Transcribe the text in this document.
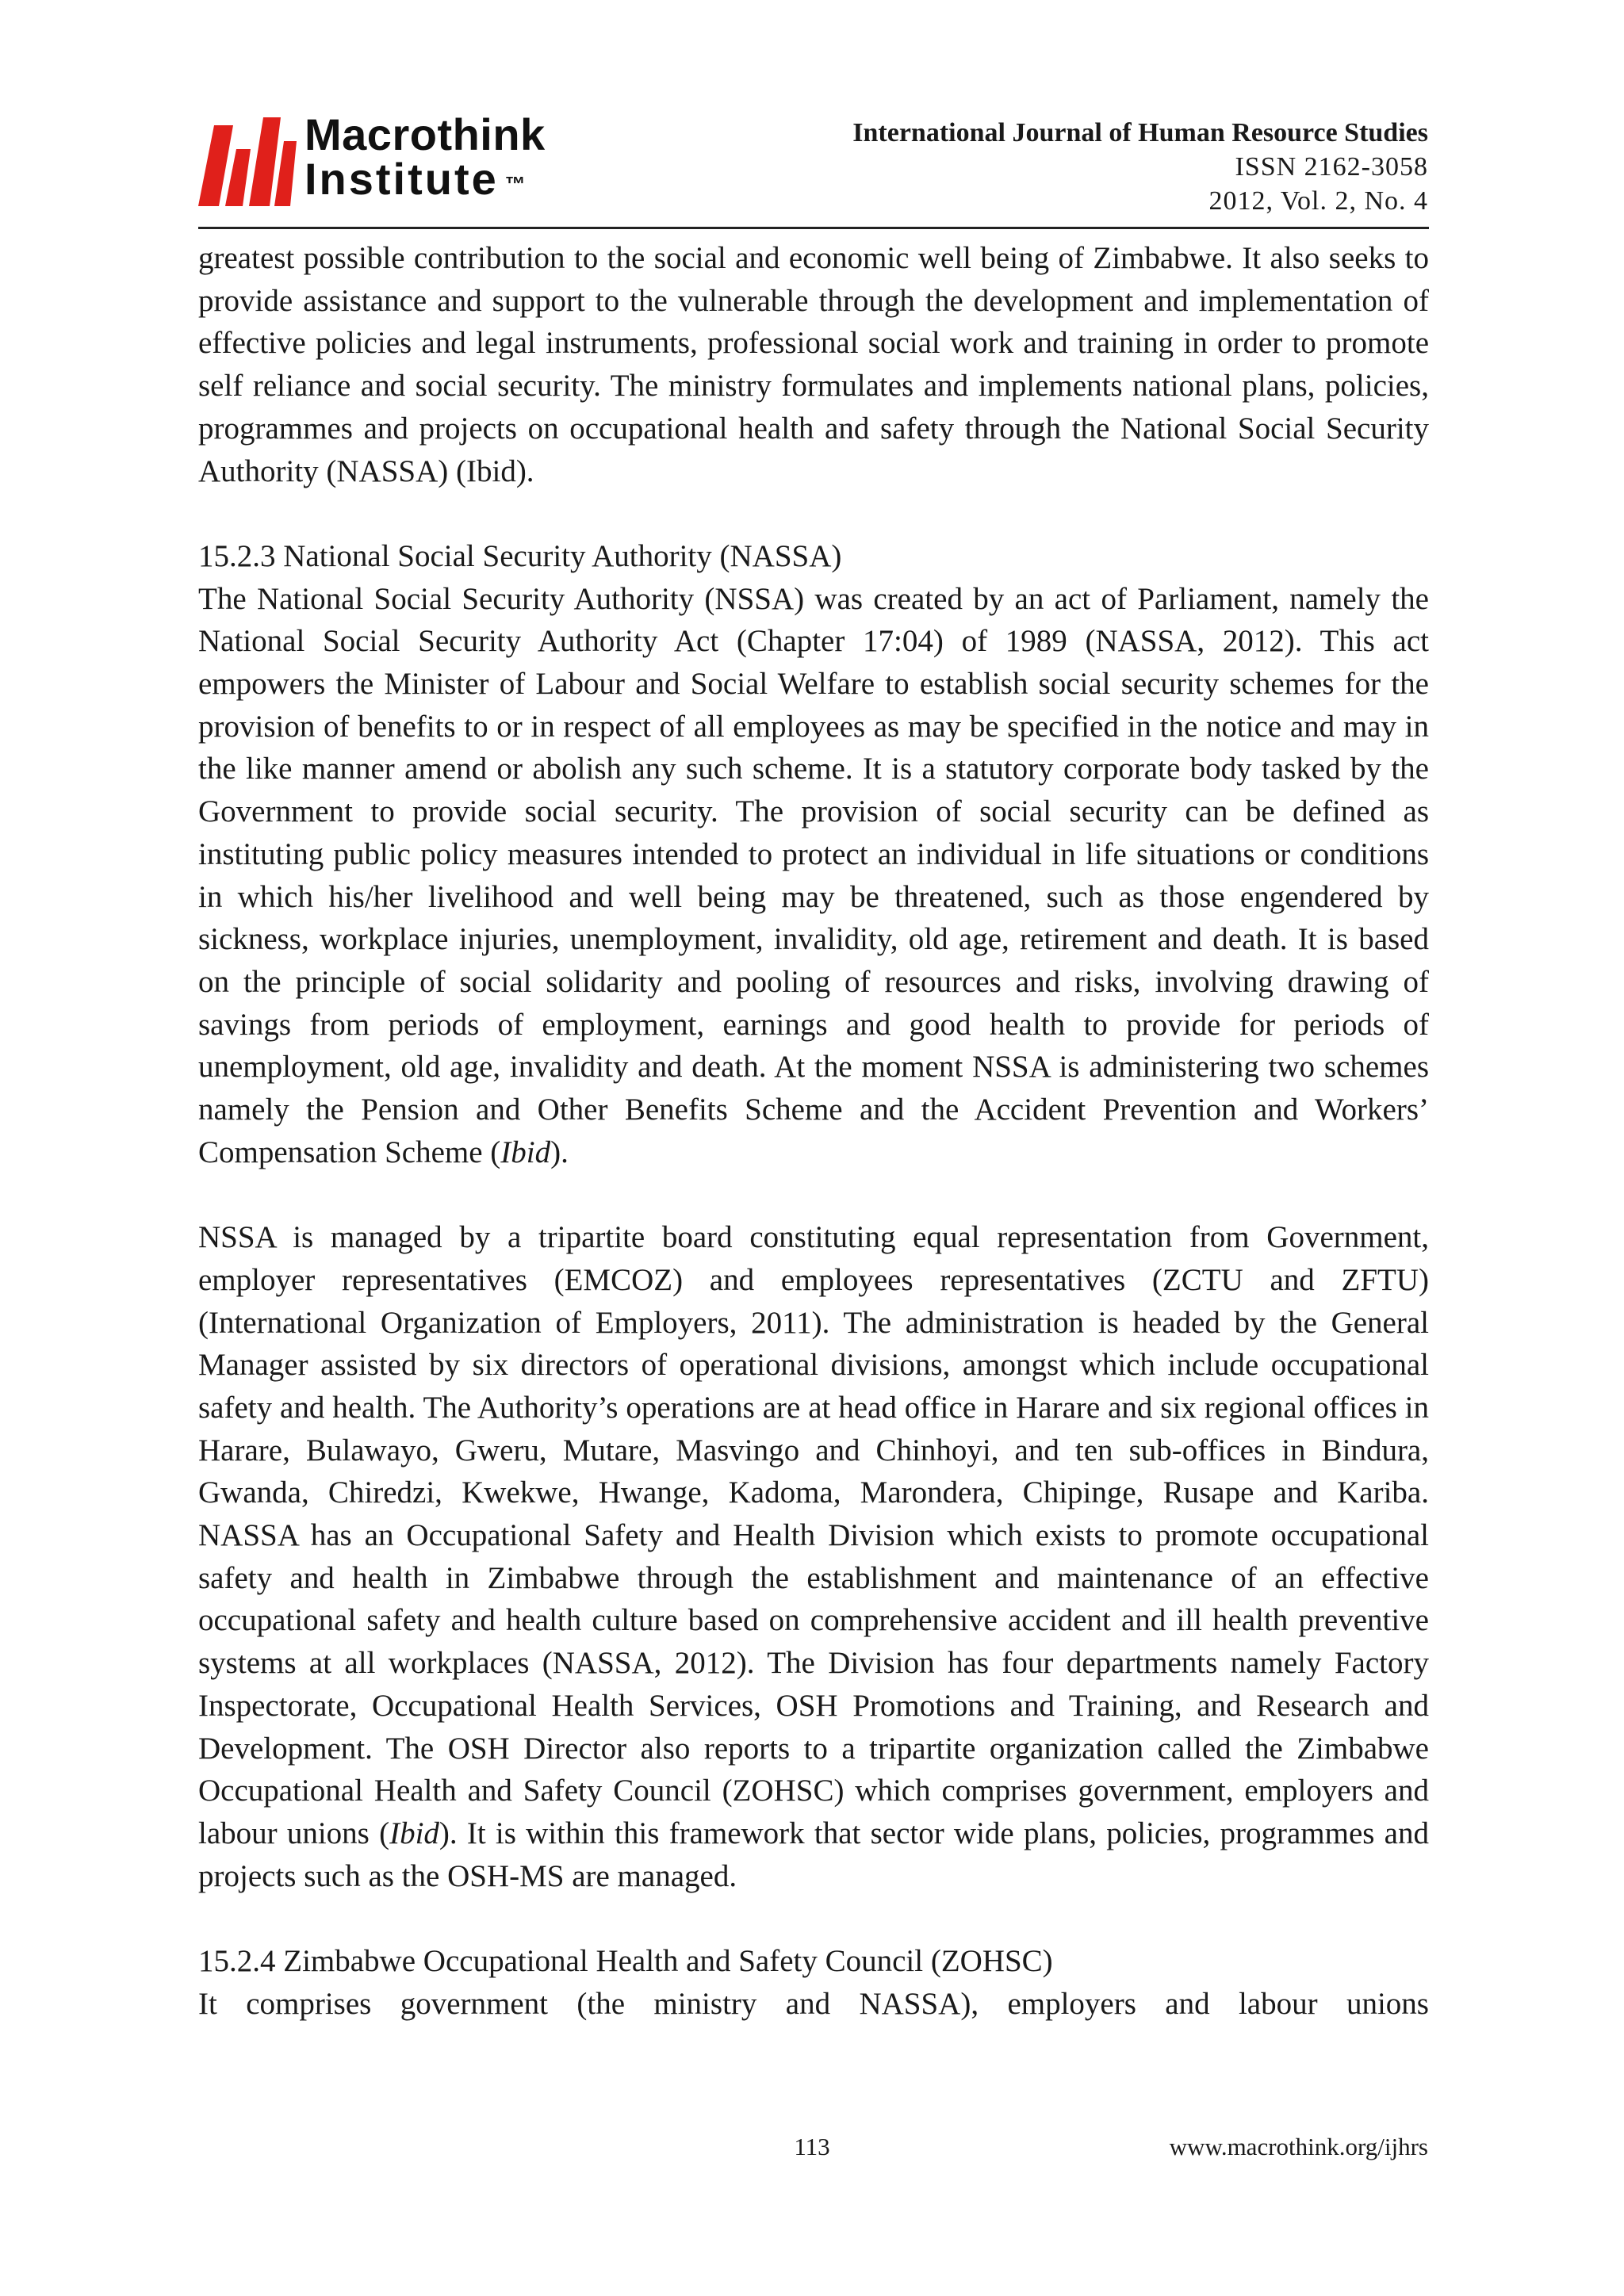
Macrothink
Institute ™
International Journal of Human Resource Studies
ISSN 2162-3058
2012, Vol. 2, No. 4

greatest possible contribution to the social and economic well being of Zimbabwe. It also seeks to provide assistance and support to the vulnerable through the development and implementation of effective policies and legal instruments, professional social work and training in order to promote self reliance and social security. The ministry formulates and implements national plans, policies, programmes and projects on occupational health and safety through the National Social Security Authority (NASSA) (Ibid).

15.2.3 National Social Security Authority (NASSA)

The National Social Security Authority (NSSA) was created by an act of Parliament, namely the National Social Security Authority Act (Chapter 17:04) of 1989 (NASSA, 2012). This act empowers the Minister of Labour and Social Welfare to establish social security schemes for the provision of benefits to or in respect of all employees as may be specified in the notice and may in the like manner amend or abolish any such scheme. It is a statutory corporate body tasked by the Government to provide social security. The provision of social security can be defined as instituting public policy measures intended to protect an individual in life situations or conditions in which his/her livelihood and well being may be threatened, such as those engendered by sickness, workplace injuries, unemployment, invalidity, old age, retirement and death. It is based on the principle of social solidarity and pooling of resources and risks, involving drawing of savings from periods of employment, earnings and good health to provide for periods of unemployment, old age, invalidity and death. At the moment NSSA is administering two schemes namely the Pension and Other Benefits Scheme and the Accident Prevention and Workers’ Compensation Scheme (Ibid).

NSSA is managed by a tripartite board constituting equal representation from Government, employer representatives (EMCOZ) and employees representatives (ZCTU and ZFTU) (International Organization of Employers, 2011). The administration is headed by the General Manager assisted by six directors of operational divisions, amongst which include occupational safety and health. The Authority’s operations are at head office in Harare and six regional offices in Harare, Bulawayo, Gweru, Mutare, Masvingo and Chinhoyi, and ten sub-offices in Bindura, Gwanda, Chiredzi, Kwekwe, Hwange, Kadoma, Marondera, Chipinge, Rusape and Kariba. NASSA has an Occupational Safety and Health Division which exists to promote occupational safety and health in Zimbabwe through the establishment and maintenance of an effective occupational safety and health culture based on comprehensive accident and ill health preventive systems at all workplaces (NASSA, 2012). The Division has four departments namely Factory Inspectorate, Occupational Health Services, OSH Promotions and Training, and Research and Development. The OSH Director also reports to a tripartite organization called the Zimbabwe Occupational Health and Safety Council (ZOHSC) which comprises government, employers and labour unions (Ibid). It is within this framework that sector wide plans, policies, programmes and projects such as the OSH-MS are managed.

15.2.4 Zimbabwe Occupational Health and Safety Council (ZOHSC)

It comprises government (the ministry and NASSA), employers and labour unions

113	www.macrothink.org/ijhrs
